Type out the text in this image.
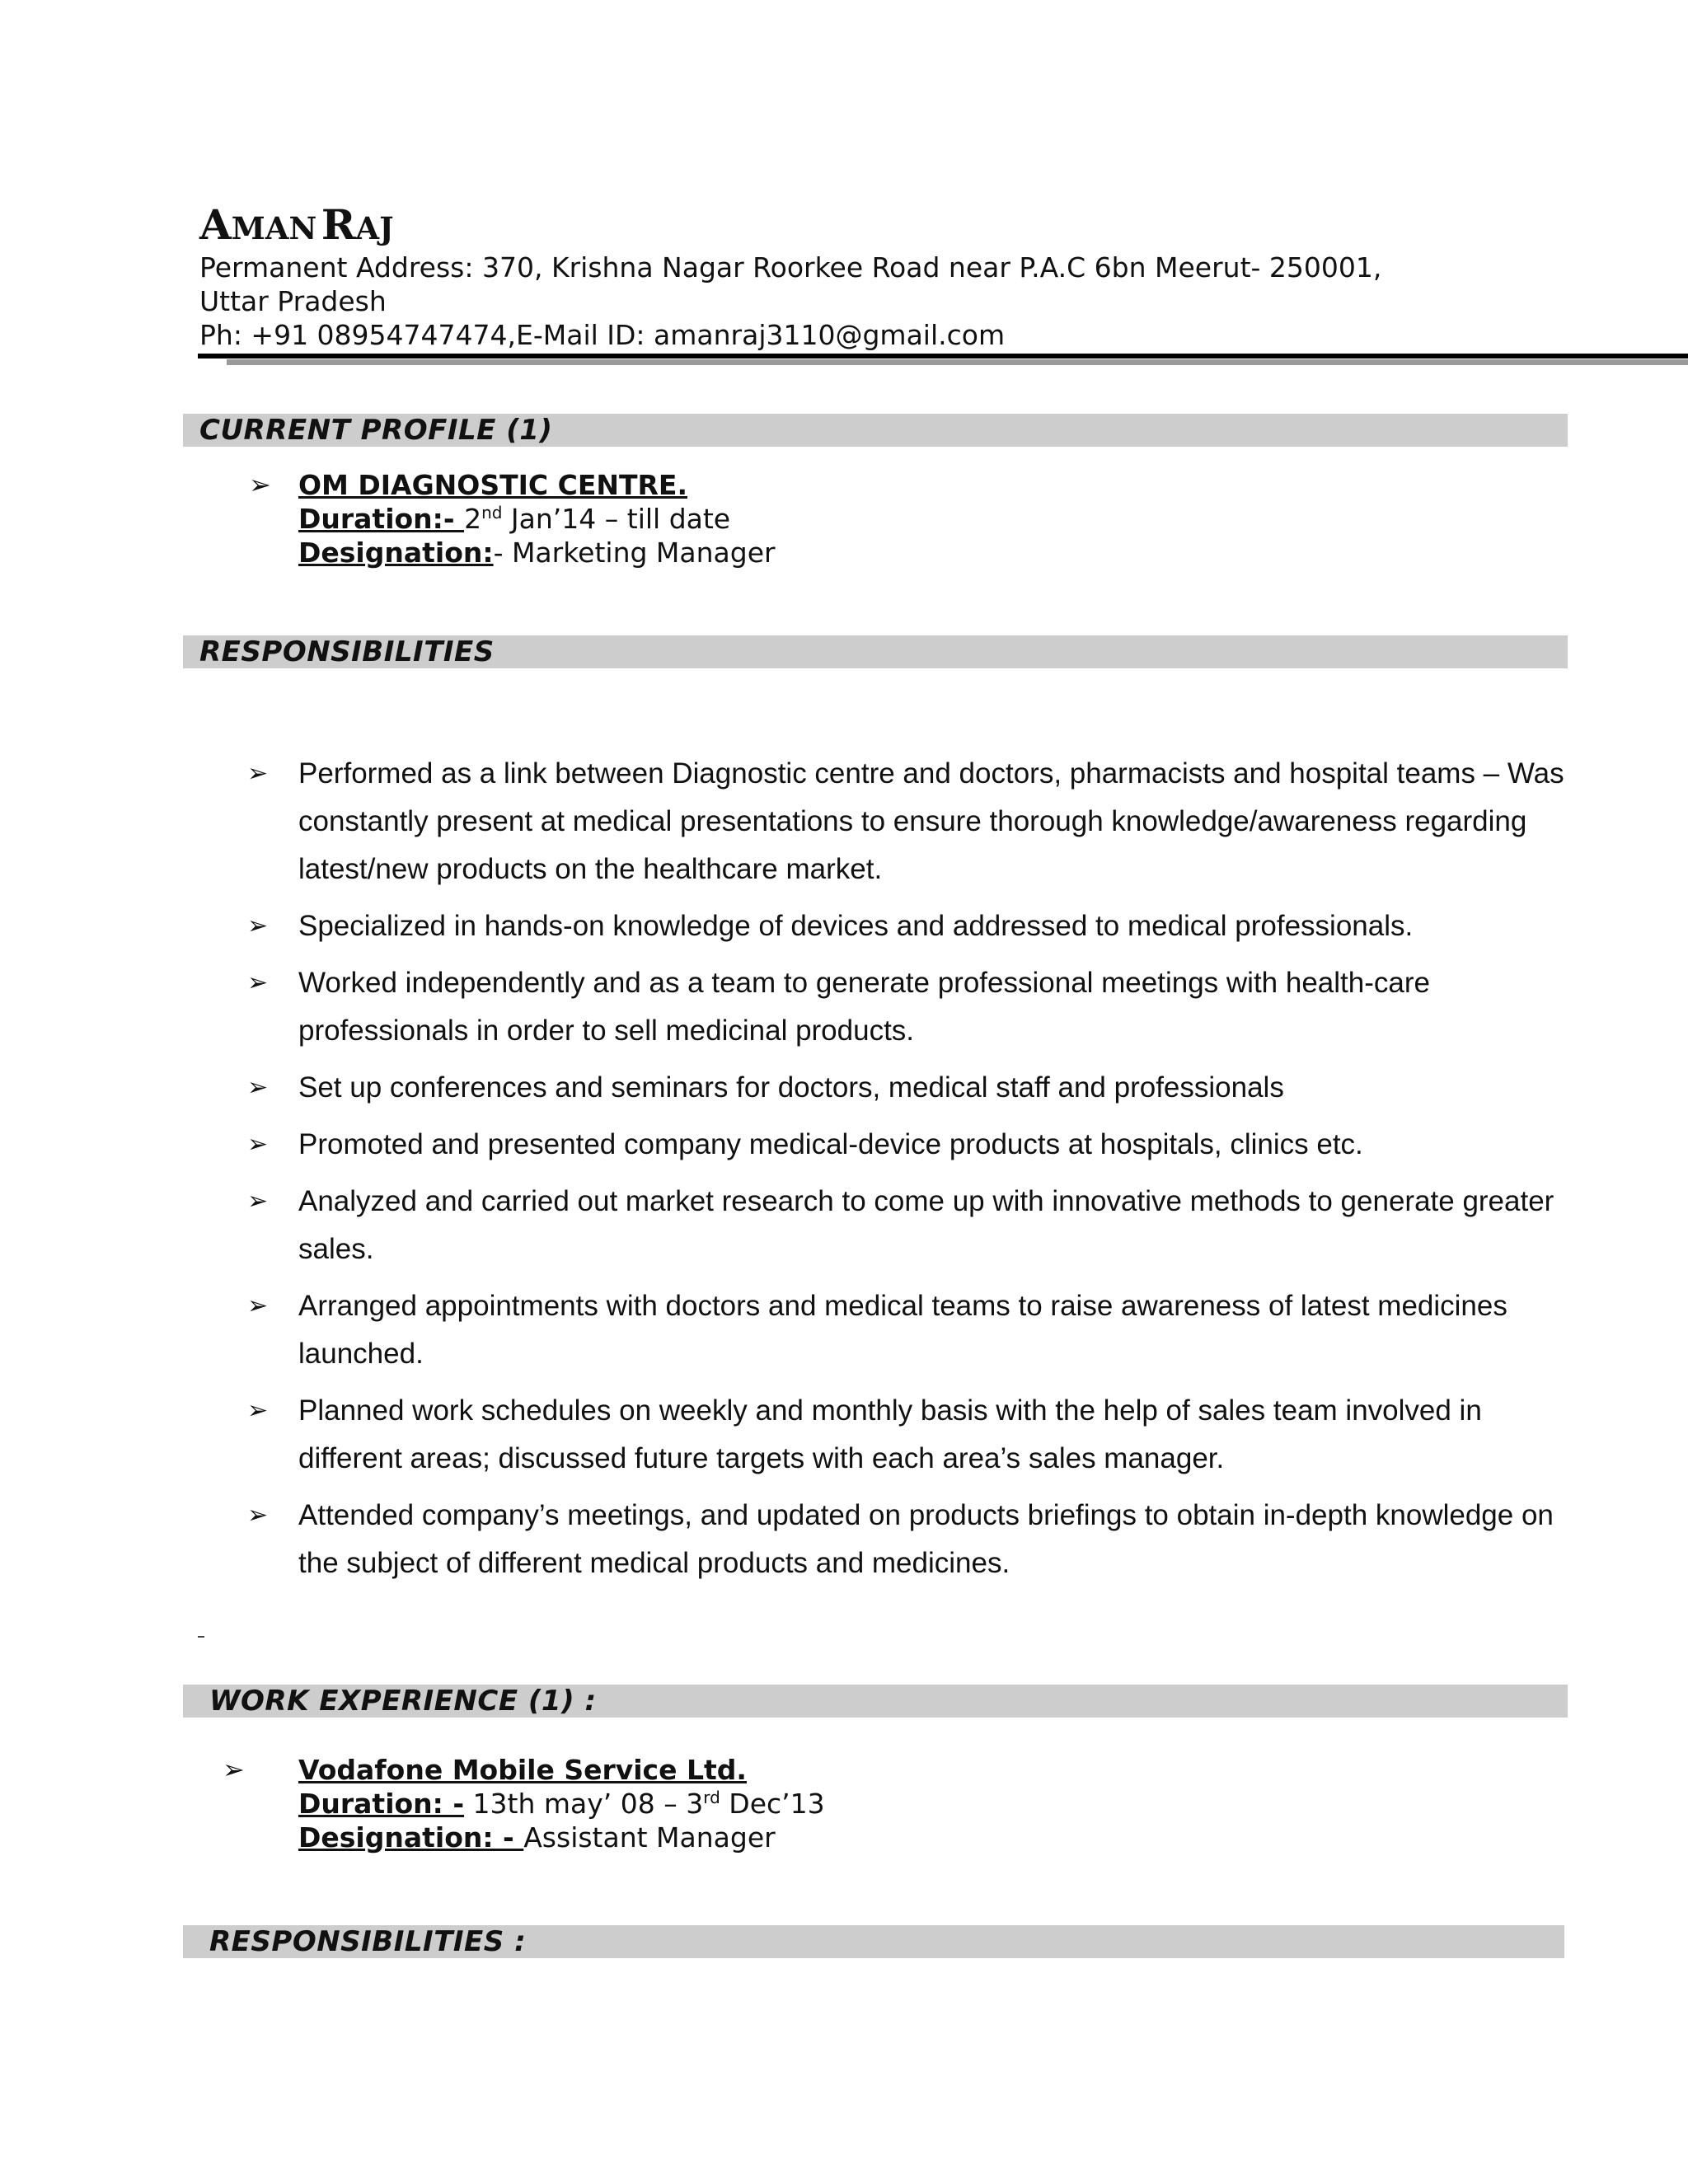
AMAN RAJ
Permanent Address: 370, Krishna Nagar Roorkee Road near P.A.C 6bn Meerut- 250001,
Uttar Pradesh
Ph: +91 08954747474,E-Mail ID: amanraj3110@gmail.com
CURRENT PROFILE (1)
➢ OM DIAGNOSTIC CENTRE.
Duration:- 2nd Jan’14 – till date
Designation:- Marketing Manager
RESPONSIBILITIES
➢ Performed as a link between Diagnostic centre and doctors, pharmacists and hospital teams – Was constantly present at medical presentations to ensure thorough knowledge/awareness regarding latest/new products on the healthcare market.
➢ Specialized in hands-on knowledge of devices and addressed to medical professionals.
➢ Worked independently and as a team to generate professional meetings with health-care professionals in order to sell medicinal products.
➢ Set up conferences and seminars for doctors, medical staff and professionals
➢ Promoted and presented company medical-device products at hospitals, clinics etc.
➢ Analyzed and carried out market research to come up with innovative methods to generate greater sales.
➢ Arranged appointments with doctors and medical teams to raise awareness of latest medicines launched.
➢ Planned work schedules on weekly and monthly basis with the help of sales team involved in different areas; discussed future targets with each area’s sales manager.
➢ Attended company’s meetings, and updated on products briefings to obtain in-depth knowledge on the subject of different medical products and medicines.
WORK EXPERIENCE (1) :
➢ Vodafone Mobile Service Ltd.
Duration: - 13th may’ 08 – 3rd Dec’13
Designation: - Assistant Manager
RESPONSIBILITIES :
